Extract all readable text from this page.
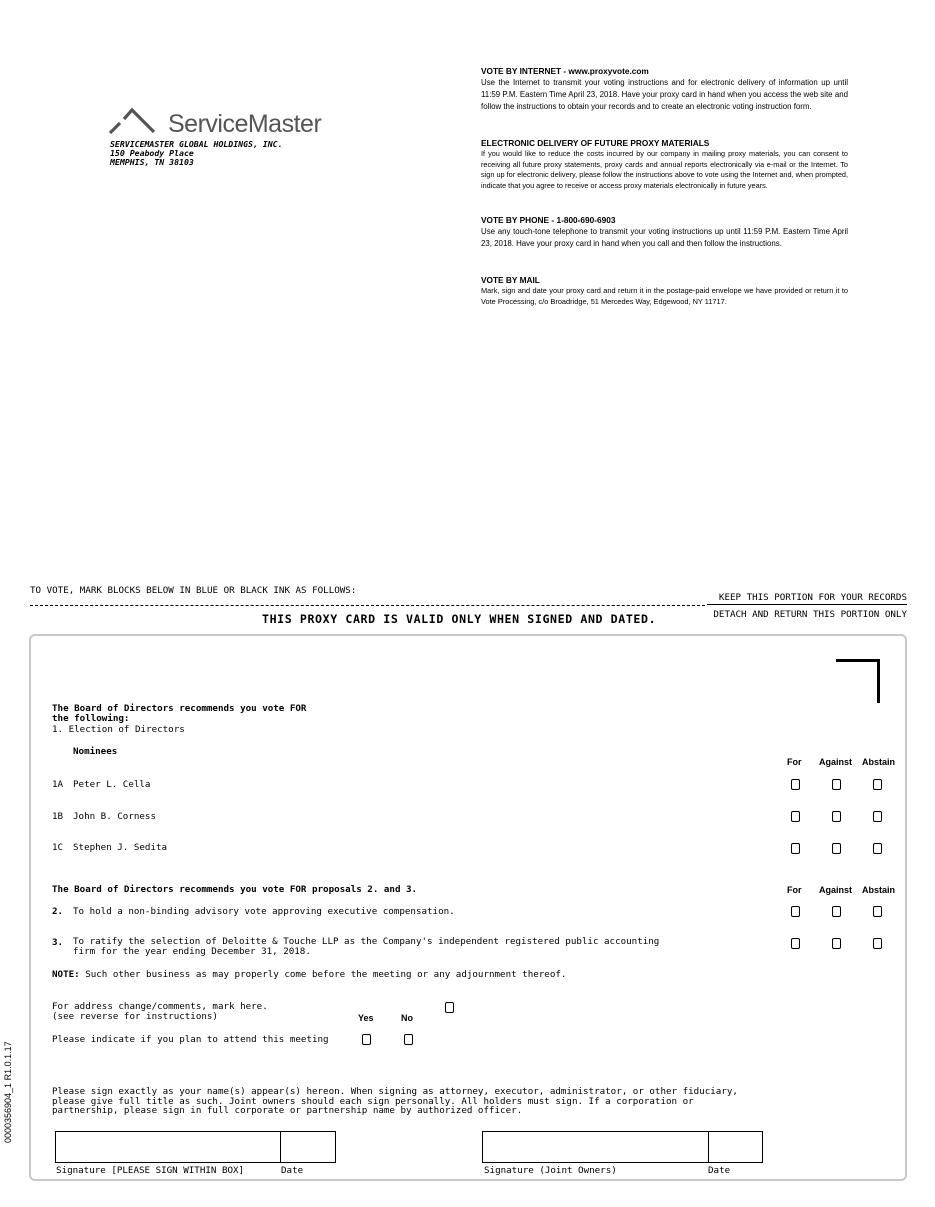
ServiceMaster
SERVICEMASTER GLOBAL HOLDINGS, INC.
150 Peabody Place
MEMPHIS, TN 38103
VOTE BY INTERNET - www.proxyvote.com

Use the Internet to transmit your voting instructions and for electronic delivery of information up until 11:59 P.M. Eastern Time April 23, 2018. Have your proxy card in hand when you access the web site and follow the instructions to obtain your records and to create an electronic voting instruction form.

ELECTRONIC DELIVERY OF FUTURE PROXY MATERIALS

If you would like to reduce the costs incurred by our company in mailing proxy materials, you can consent to receiving all future proxy statements, proxy cards and annual reports electronically via e-mail or the Internet. To sign up for electronic delivery, please follow the instructions above to vote using the Internet and, when prompted, indicate that you agree to receive or access proxy materials electronically in future years.

VOTE BY PHONE - 1-800-690-6903

Use any touch-tone telephone to transmit your voting instructions up until 11:59 P.M. Eastern Time April 23, 2018. Have your proxy card in hand when you call and then follow the instructions.

VOTE BY MAIL

Mark, sign and date your proxy card and return it in the postage-paid envelope we have provided or return it to Vote Processing, c/o Broadridge, 51 Mercedes Way, Edgewood, NY 11717.

TO VOTE, MARK BLOCKS BELOW IN BLUE OR BLACK INK AS FOLLOWS:
KEEP THIS PORTION FOR YOUR RECORDS
DETACH AND RETURN THIS PORTION ONLY
THIS PROXY CARD IS VALID ONLY WHEN SIGNED AND DATED.
The Board of Directors recommends you vote FOR
the following:
1. Election of Directors
Nominees
For Against Abstain
1A Peter L. Cella
1B John B. Corness
1C Stephen J. Sedita
The Board of Directors recommends you vote FOR proposals 2. and 3.	For Against Abstain
2. To hold a non-binding advisory vote approving executive compensation.
3. To ratify the selection of Deloitte & Touche LLP as the Company's independent registered public accounting
firm for the year ending December 31, 2018.
NOTE: Such other business as may properly come before the meeting or any adjournment thereof.
For address change/comments, mark here.
(see reverse for instructions)	Yes	No
Please indicate if you plan to attend this meeting
Please sign exactly as your name(s) appear(s) hereon. When signing as attorney, executor, administrator, or other fiduciary,
please give full title as such. Joint owners should each sign personally. All holders must sign. If a corporation or
partnership, please sign in full corporate or partnership name by authorized officer.
Signature [PLEASE SIGN WITHIN BOX]	Date	Signature (Joint Owners)	Date
0000356904_1 R1.0.1.17
